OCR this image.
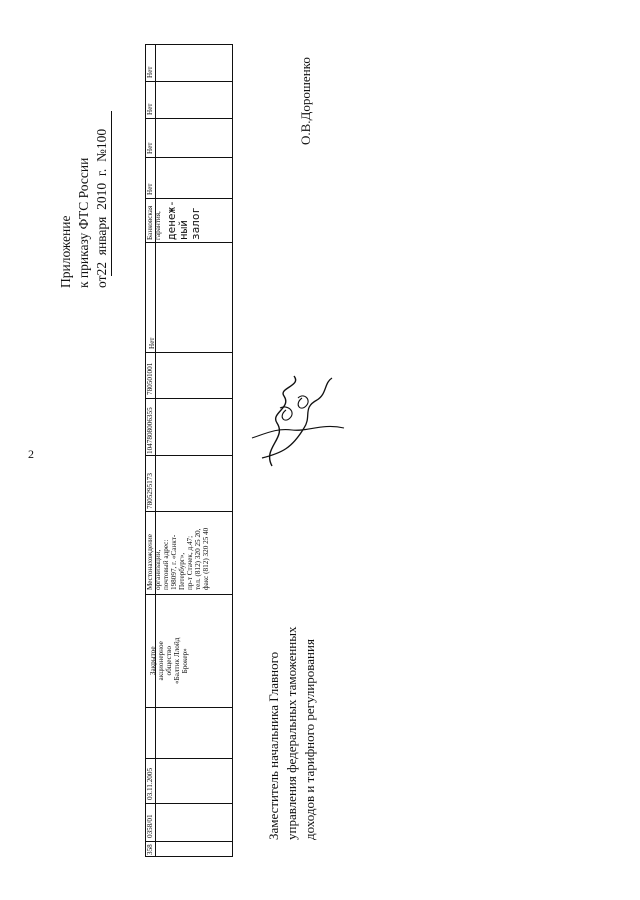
2
Приложение к приказу ФТС России от22  января  2010  г.  №100
Нет
Нет
Нет
Нет
Банковская гарантия, денеж- ный залог
Нет
780501001
1047808006355
7805295173
Местонахождение организации, почтовый адрес: 198097, г. «Санкт- Петербург», пр-т Стачек, д.47; тел. (812) 320 25 20, факс (812) 320 25 40
Закрытое акционерное общество «Балтик Ллойд Брокер»
03.11.2005
0358/01
358
Заместитель начальника Главного управления федеральных таможенных доходов и тарифного регулирования
О.В.Дорошенко
